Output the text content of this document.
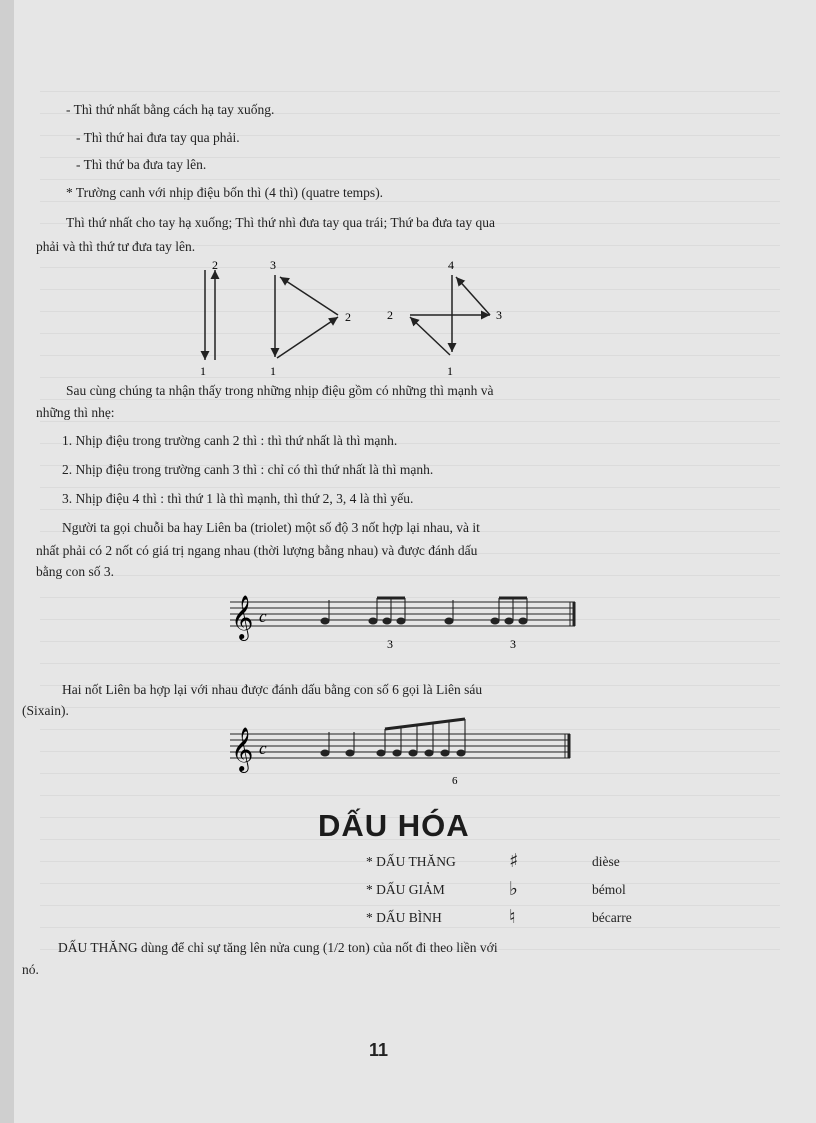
- Thì thứ nhất bằng cách hạ tay xuống.
- Thì thứ hai đưa tay qua phải.
- Thì thứ ba đưa tay lên.
* Trường canh với nhịp điệu bốn thì (4 thì) (quatre temps).
Thì thứ nhất cho tay hạ xuống; Thì thứ nhì đưa tay qua trái; Thứ ba đưa tay qua
phải và thì thứ tư đưa tay lên.
2
1
3
2
1
4
2	3
1
Sau cùng chúng ta nhận thấy trong những nhịp điệu gồm có những thì mạnh và
những thì nhẹ:
1. Nhịp điệu trong trường canh 2 thì : thì thứ nhất là thì mạnh.
2. Nhịp điệu trong trường canh 3 thì : chỉ có thì thứ nhất là thì mạnh.
3. Nhịp điệu 4 thì : thì thứ 1 là thì mạnh, thì thứ 2, 3, 4 là thì yếu.
Người ta gọi chuỗi ba hay Liên ba (triolet) một số độ 3 nốt hợp lại nhau, và it
nhất phải có 2 nốt có giá trị ngang nhau (thời lượng bằng nhau) và được đánh dấu
bằng con số 3.
𝄞 c
3	3
Hai nốt Liên ba hợp lại với nhau được đánh dấu bằng con số 6 gọi là Liên sáu
(Sixain).
𝄞 c
6
DẤU HÓA
* DẤU THĂNG	♯	dièse
* DẤU GIẢM	♭	bémol
* DẤU BÌNH	♮	bécarre
DẤU THĂNG dùng để chỉ sự tăng lên nửa cung (1/2 ton) của nốt đi theo liền với
nó.
11
